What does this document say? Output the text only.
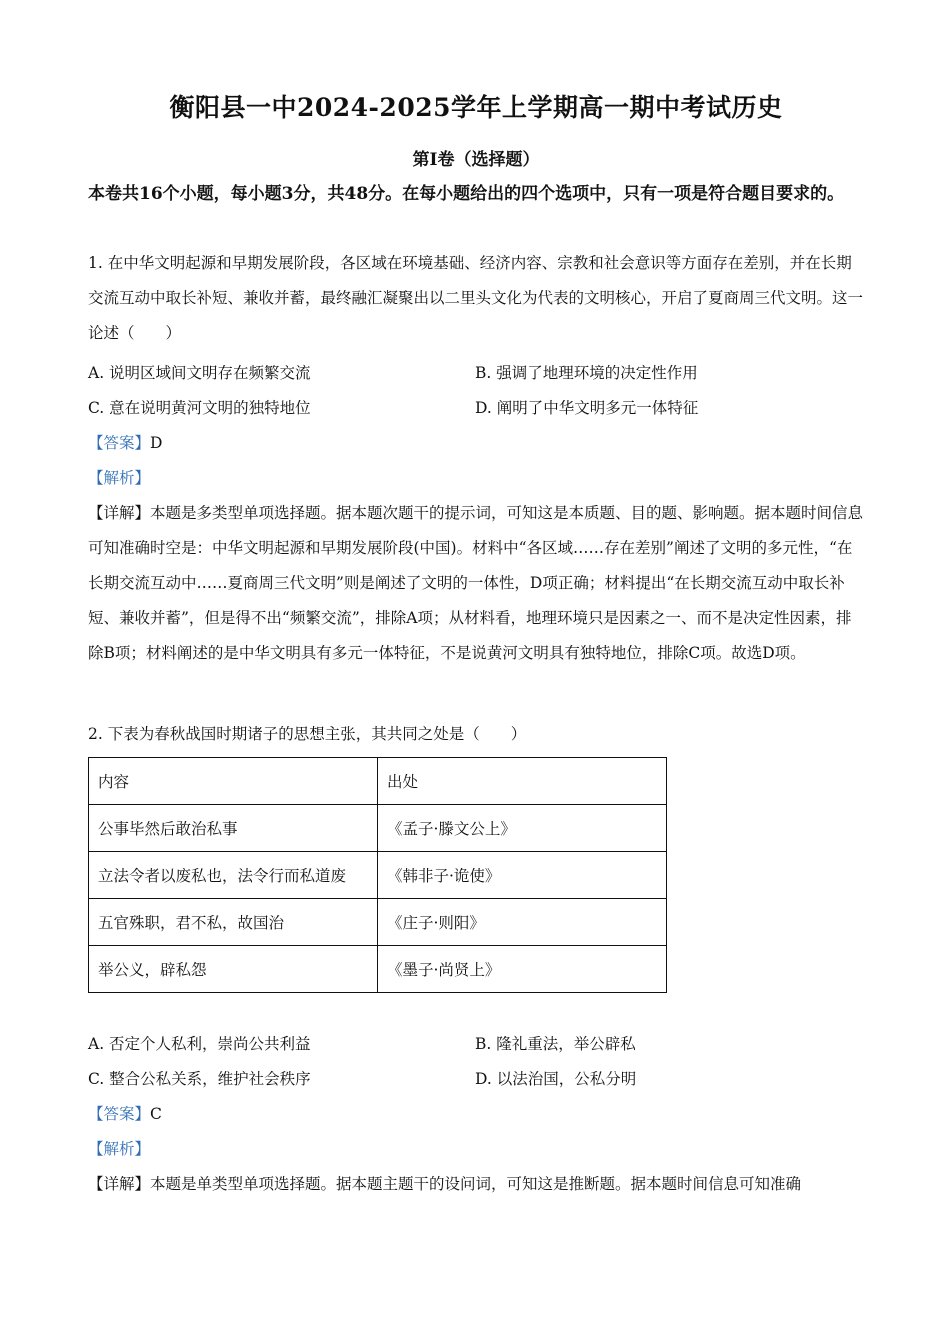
衡阳县一中2024-2025学年上学期高一期中考试历史
第Ⅰ卷（选择题）
本卷共16个小题，每小题3分，共48分。在每小题给出的四个选项中，只有一项是符合题目要求的。
1. 在中华文明起源和早期发展阶段，各区域在环境基础、经济内容、宗教和社会意识等方面存在差别，并在长期交流互动中取长补短、兼收并蓄，最终融汇凝聚出以二里头文化为代表的文明核心，开启了夏商周三代文明。这一论述（　　）
A. 说明区域间文明存在频繁交流	B. 强调了地理环境的决定性作用
C. 意在说明黄河文明的独特地位	D. 阐明了中华文明多元一体特征
【答案】D
【解析】
【详解】本题是多类型单项选择题。据本题次题干的提示词，可知这是本质题、目的题、影响题。据本题时间信息可知准确时空是：中华文明起源和早期发展阶段(中国)。材料中“各区域……存在差别”阐述了文明的多元性，“在长期交流互动中……夏商周三代文明”则是阐述了文明的一体性，D项正确；材料提出“在长期交流互动中取长补短、兼收并蓄”，但是得不出“频繁交流”，排除A项；从材料看，地理环境只是因素之一、而不是决定性因素，排除B项；材料阐述的是中华文明具有多元一体特征，不是说黄河文明具有独特地位，排除C项。故选D项。
2. 下表为春秋战国时期诸子的思想主张，其共同之处是（　　）
内容	出处
公事毕然后敢治私事	《孟子·滕文公上》
立法令者以废私也，法令行而私道废	《韩非子·诡使》
五官殊职，君不私，故国治	《庄子·则阳》
举公义，辟私怨	《墨子·尚贤上》
A. 否定个人私利，崇尚公共利益	B. 隆礼重法，举公辟私
C. 整合公私关系，维护社会秩序	D. 以法治国，公私分明
【答案】C
【解析】
【详解】本题是单类型单项选择题。据本题主题干的设问词，可知这是推断题。据本题时间信息可知准确
